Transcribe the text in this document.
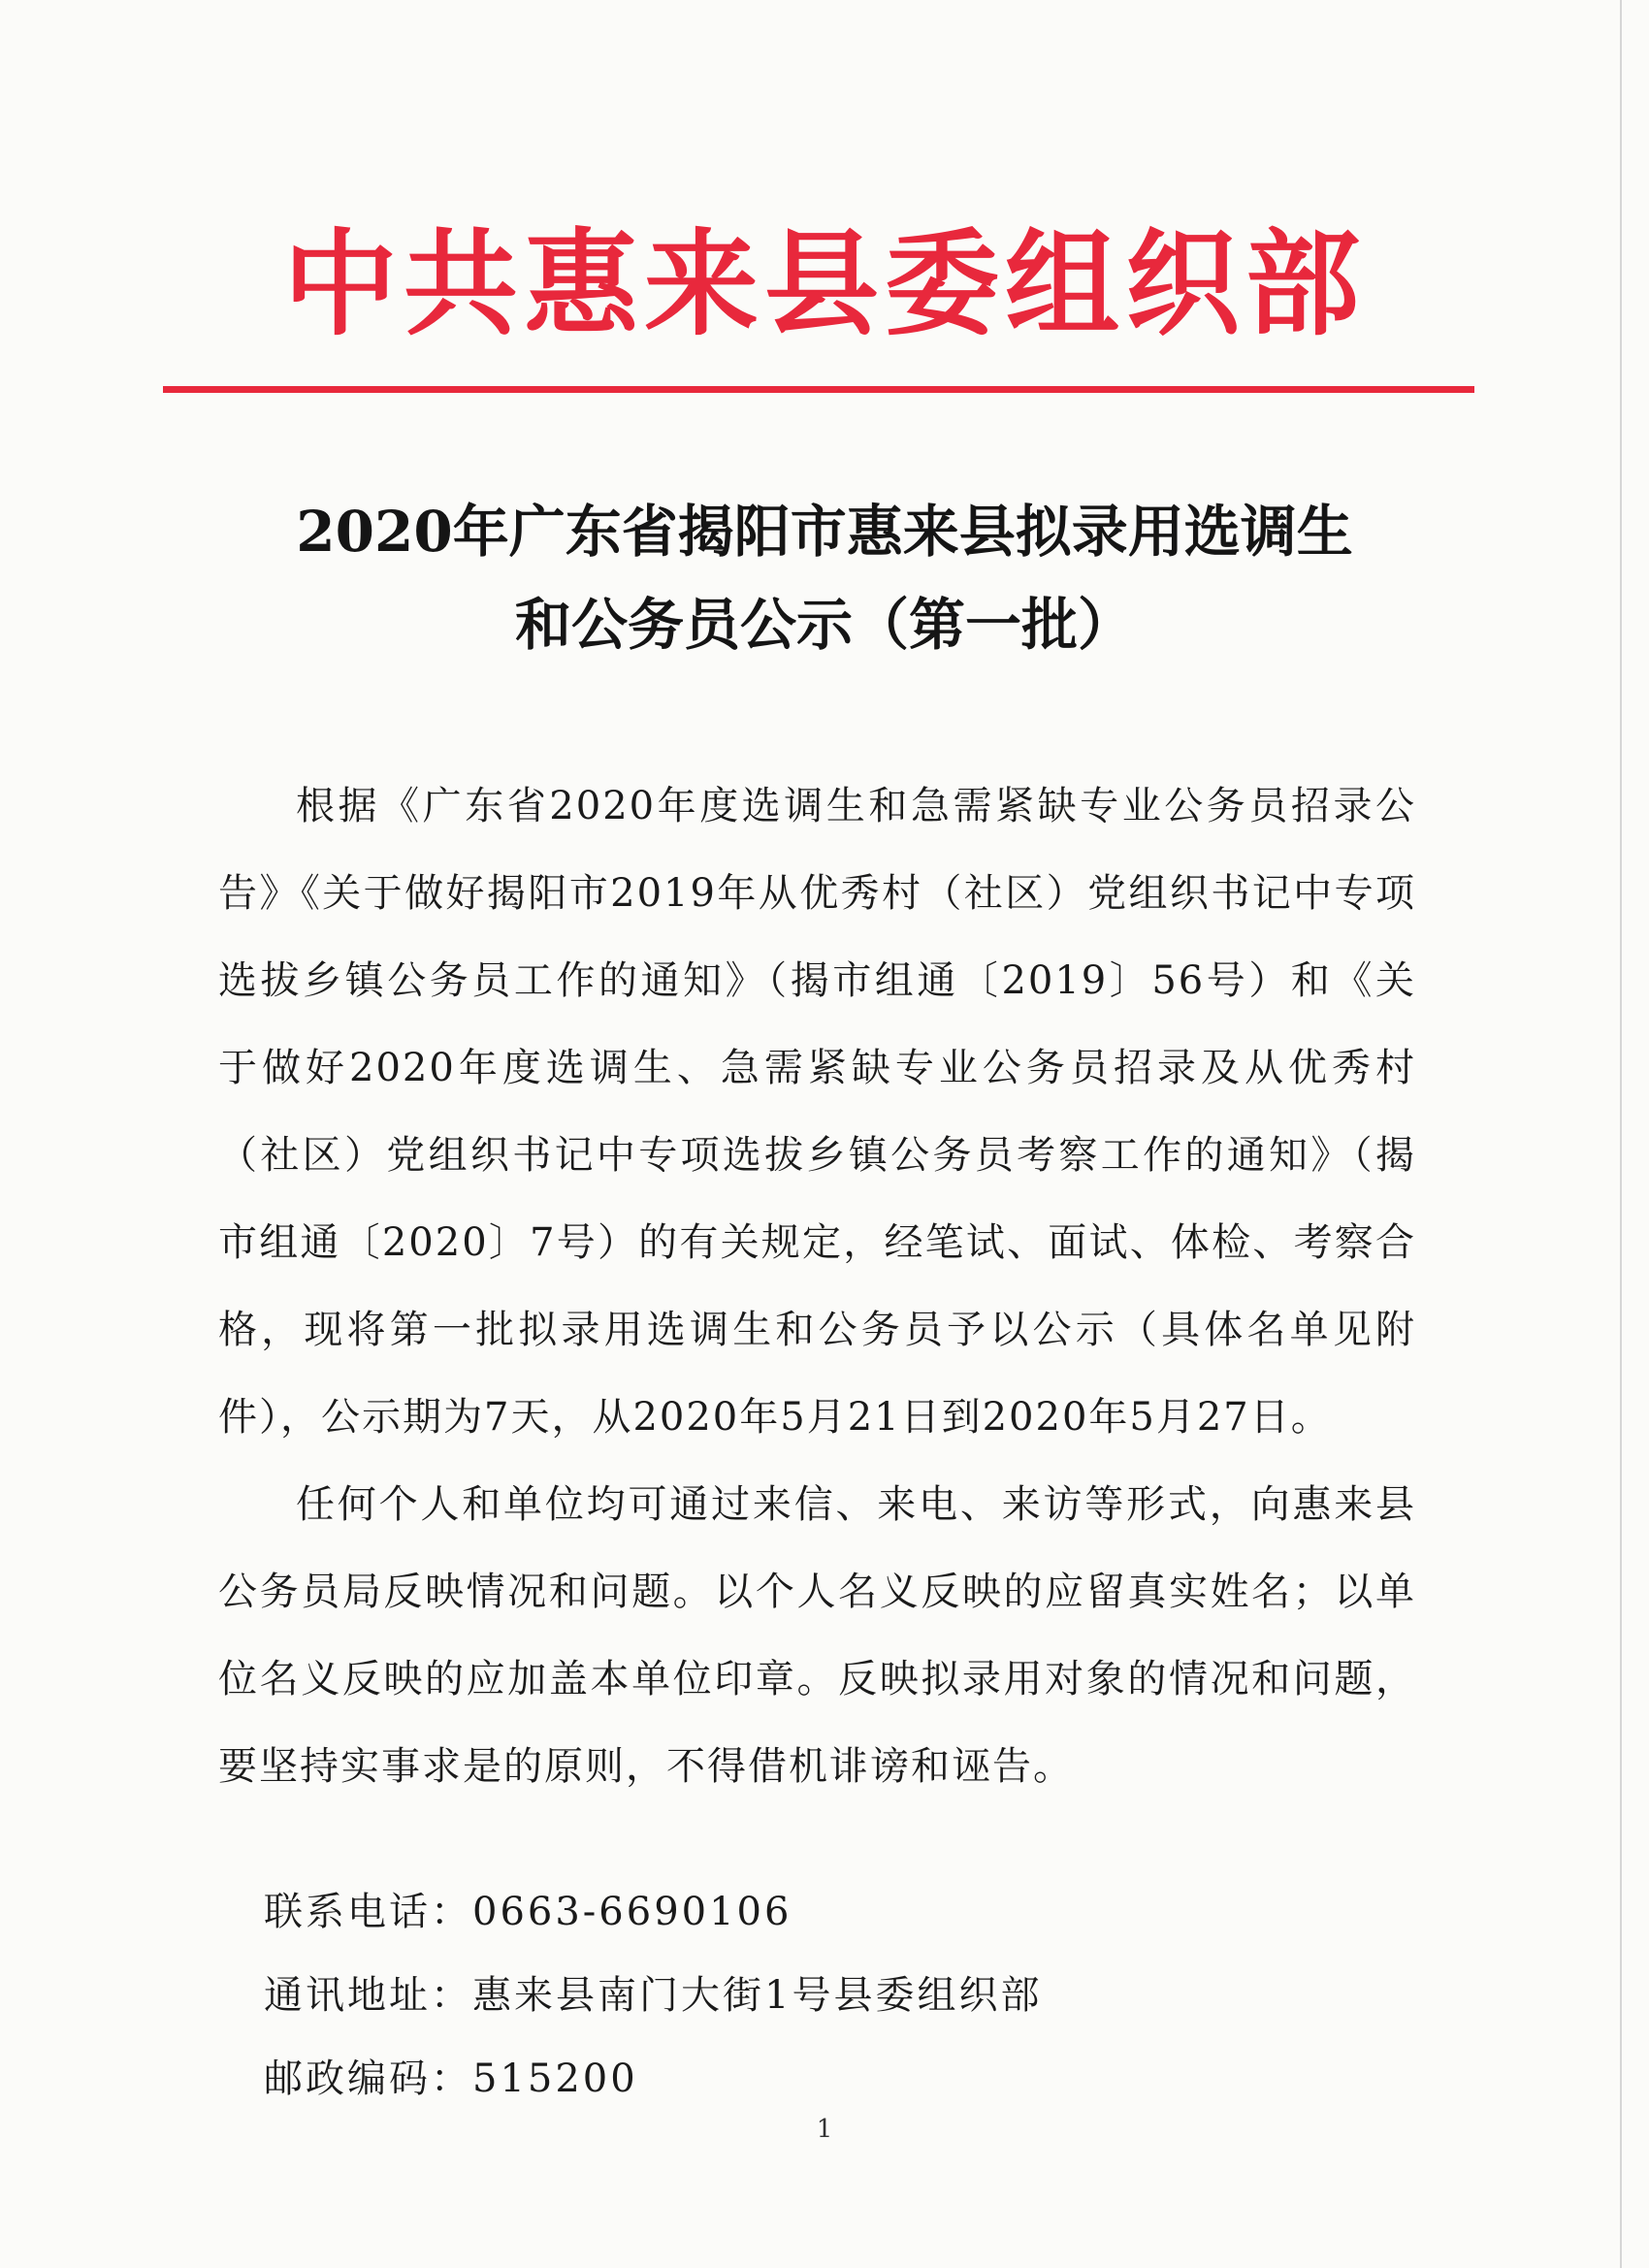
中共惠来县委组织部
2020年广东省揭阳市惠来县拟录用选调生
和公务员公示（第一批）

根据《广东省2020年度选调生和急需紧缺专业公务员招录公告》《关于做好揭阳市2019年从优秀村（社区）党组织书记中专项选拔乡镇公务员工作的通知》（揭市组通〔2019〕56号）和《关于做好2020年度选调生、急需紧缺专业公务员招录及从优秀村（社区）党组织书记中专项选拔乡镇公务员考察工作的通知》（揭市组通〔2020〕7号）的有关规定，经笔试、面试、体检、考察合格，现将第一批拟录用选调生和公务员予以公示（具体名单见附件），公示期为7天，从2020年5月21日到2020年5月27日。

任何个人和单位均可通过来信、来电、来访等形式，向惠来县公务员局反映情况和问题。以个人名义反映的应留真实姓名；以单位名义反映的应加盖本单位印章。反映拟录用对象的情况和问题，要坚持实事求是的原则，不得借机诽谤和诬告。

联系电话：0663-6690106
通讯地址：惠来县南门大街1号县委组织部
邮政编码：515200
1
